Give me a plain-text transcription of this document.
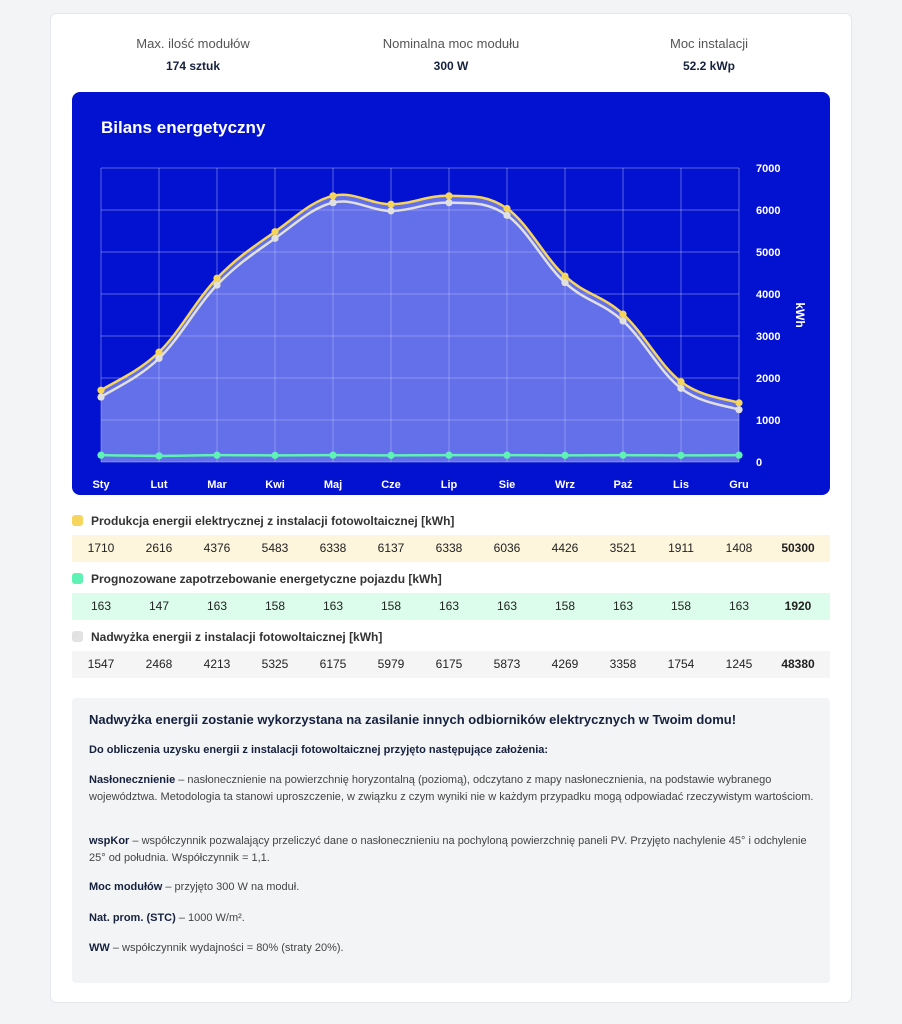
Max. ilość modułów
174 sztuk
Nominalna moc modułu
300 W
Moc instalacji
52.2 kWp
Bilans energetyczny
0
1000
2000
3000
4000
5000
6000
7000
kWh
Sty	Lut	Mar	Kwi	Maj	Cze	Lip	Sie	Wrz	Paź	Lis	Gru
Produkcja energii elektrycznej z instalacji fotowoltaicznej [kWh]
1710	2616	4376	5483	6338	6137	6338	6036	4426	3521	1911	1408	50300
Prognozowane zapotrzebowanie energetyczne pojazdu [kWh]
163	147	163	158	163	158	163	163	158	163	158	163	1920
Nadwyżka energii z instalacji fotowoltaicznej [kWh]
1547	2468	4213	5325	6175	5979	6175	5873	4269	3358	1754	1245	48380
Nadwyżka energii zostanie wykorzystana na zasilanie innych odbiorników elektrycznych w Twoim domu!
Do obliczenia uzysku energii z instalacji fotowoltaicznej przyjęto następujące założenia:
Nasłonecznienie – nasłonecznienie na powierzchnię horyzontalną (poziomą), odczytano z mapy nasłonecznienia, na podstawie wybranego województwa. Metodologia ta stanowi uproszczenie, w związku z czym wyniki nie w każdym przypadku mogą odpowiadać rzeczywistym wartościom.
wspKor – współczynnik pozwalający przeliczyć dane o nasłonecznieniu na pochyloną powierzchnię paneli PV. Przyjęto nachylenie 45° i odchylenie 25° od południa. Współczynnik = 1,1.
Moc modułów – przyjęto 300 W na moduł.
Nat. prom. (STC) – 1000 W/m².
WW – współczynnik wydajności = 80% (straty 20%).
